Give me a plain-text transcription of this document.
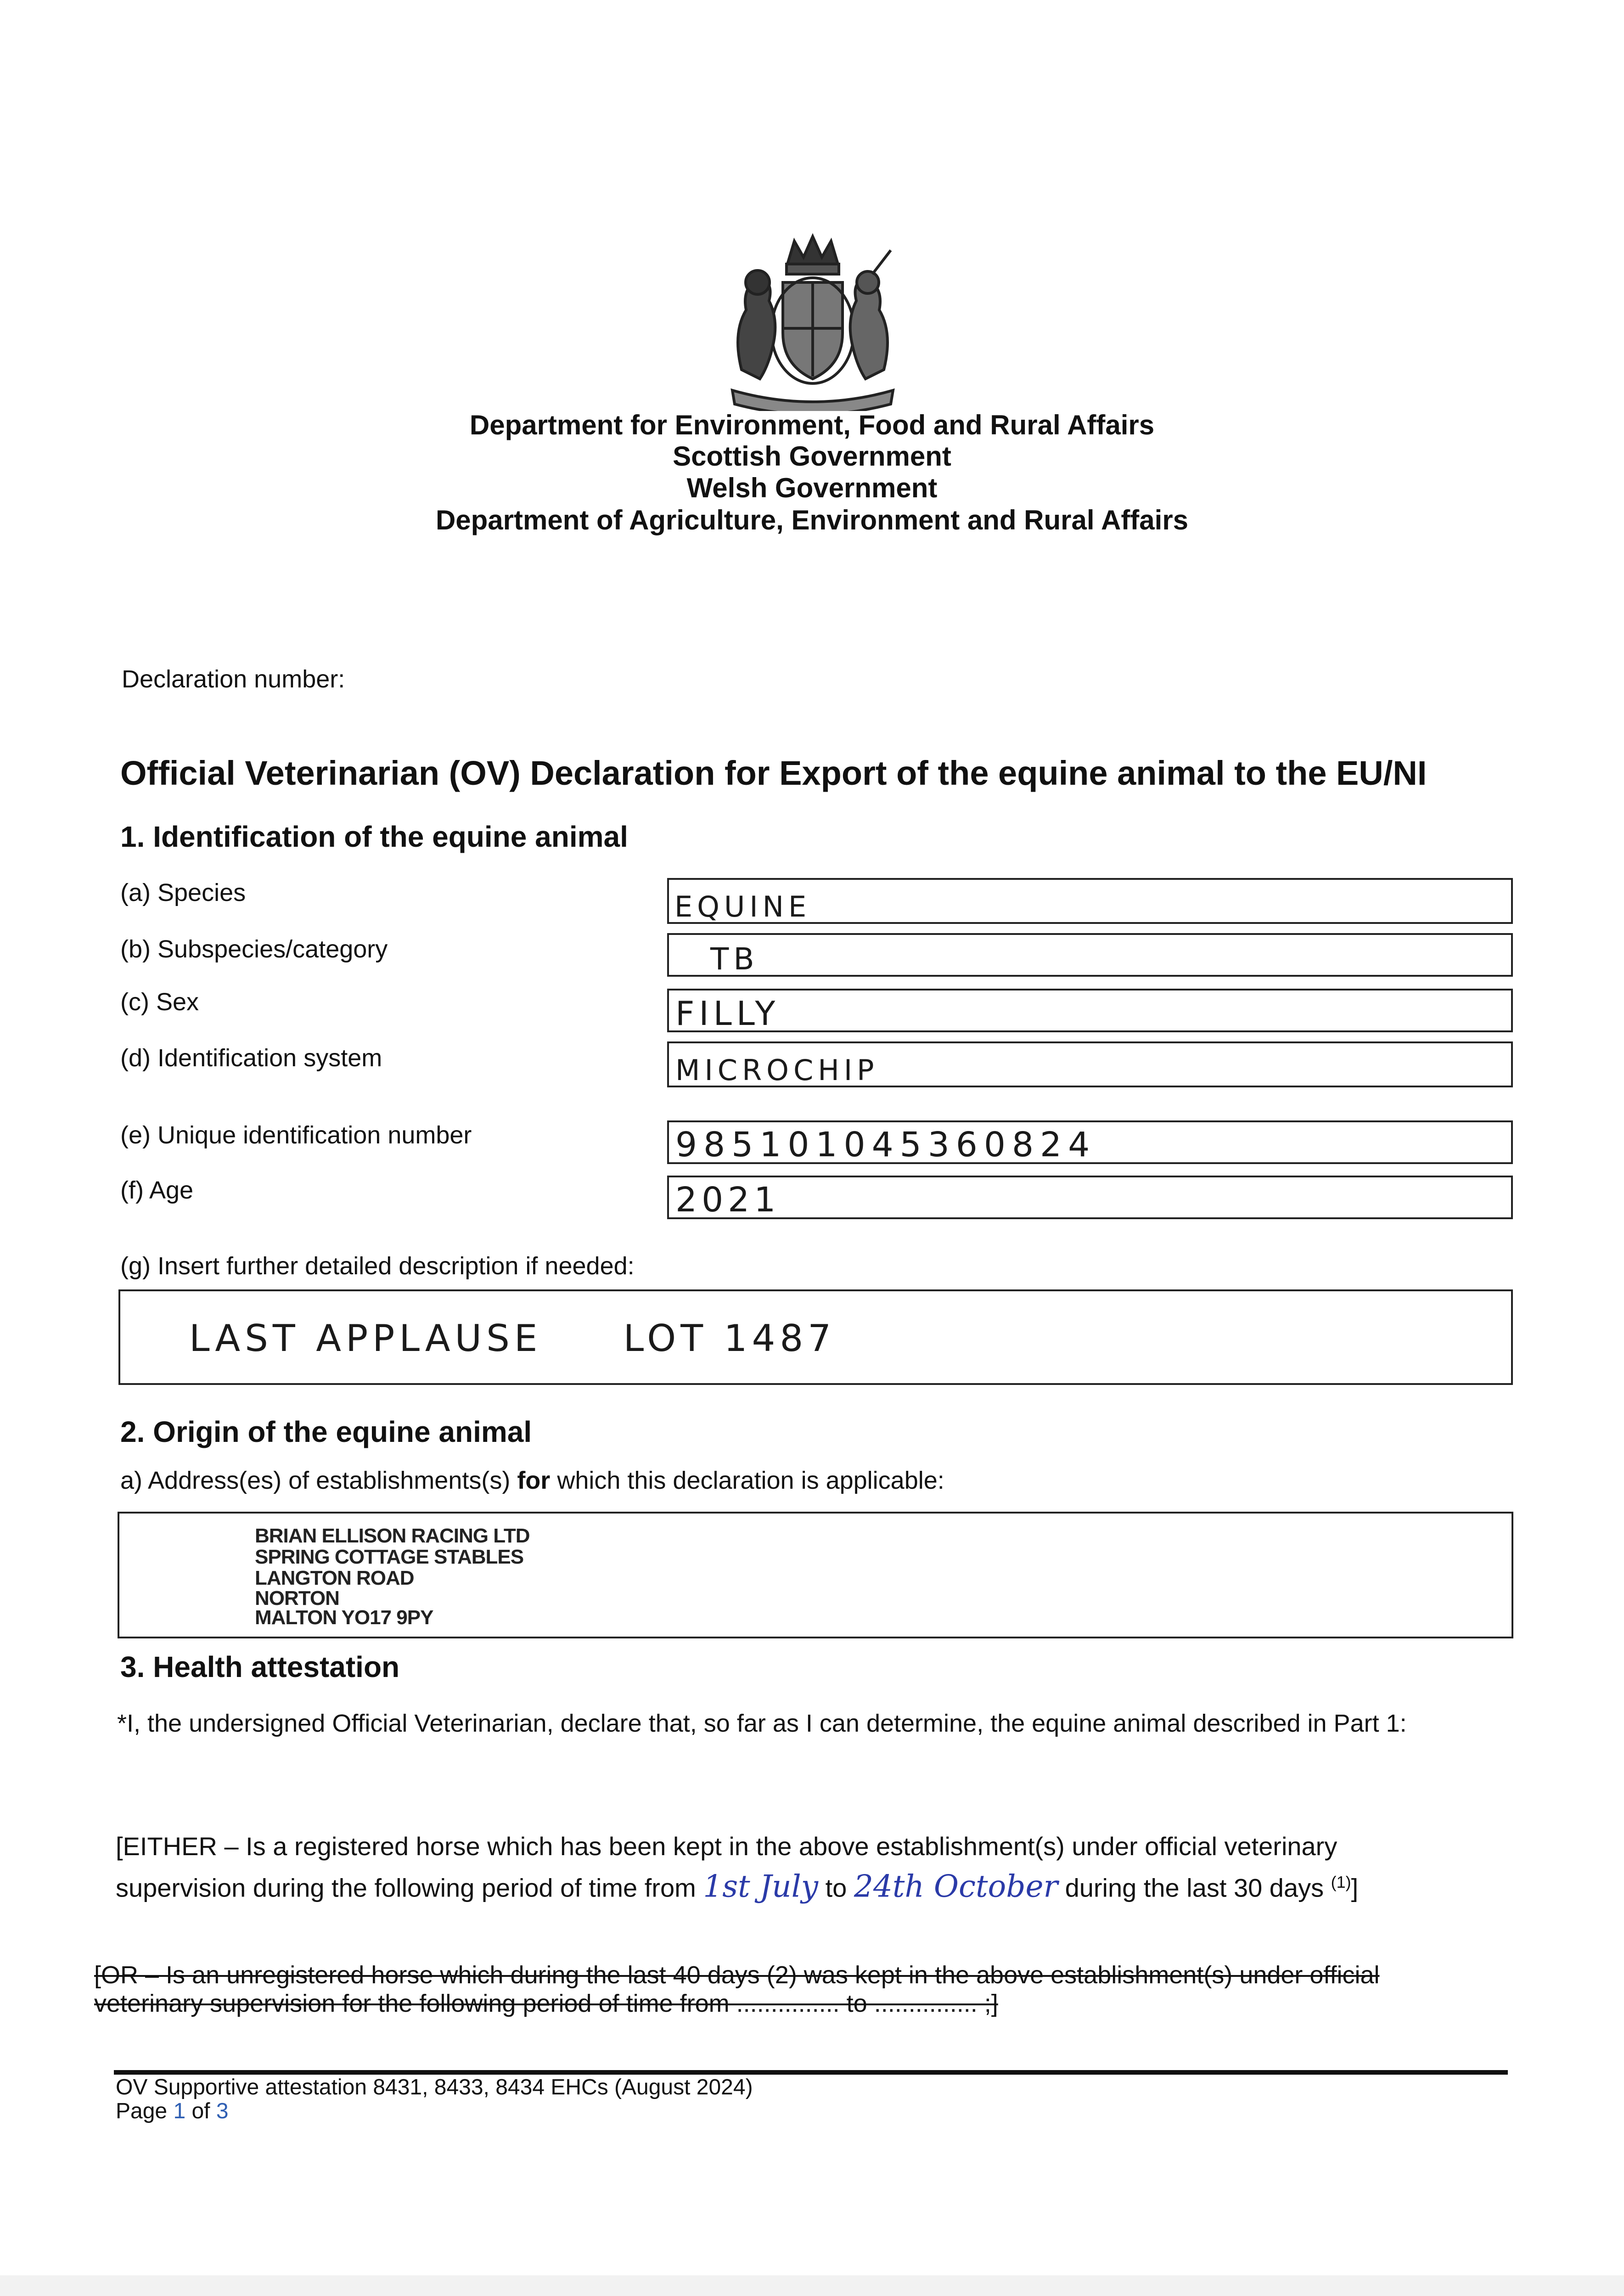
Department for Environment, Food and Rural Affairs
Scottish Government
Welsh Government
Department of Agriculture, Environment and Rural Affairs
Declaration number:
Official Veterinarian (OV) Declaration for Export of the equine animal to the EU/NI
1. Identification of the equine animal
(a) Species	EQUINE
(b) Subspecies/category	TB
(c) Sex	FILLY
(d) Identification system	MICROCHIP
(e) Unique identification number	985101045360824
(f) Age	2021
(g) Insert further detailed description if needed:
LAST APPLAUSE     LOT 1487
2. Origin of the equine animal
a) Address(es) of establishments(s) for which this declaration is applicable:
BRIAN ELLISON RACING LTD
SPRING COTTAGE STABLES
LANGTON ROAD
NORTON
MALTON YO17 9PY
3. Health attestation
*I, the undersigned Official Veterinarian, declare that, so far as I can determine, the equine animal described in Part 1:
[EITHER – Is a registered horse which has been kept in the above establishment(s) under official veterinary
supervision during the following period of time from 1st July to 24th October during the last 30 days $^{(1)}$]
[OR – Is an unregistered horse which during the last 40 days (2) was kept in the above establishment(s) under official
veterinary supervision for the following period of time from ............... to ............... ;]
OV Supportive attestation 8431, 8433, 8434 EHCs (August 2024)
Page 1 of 3
